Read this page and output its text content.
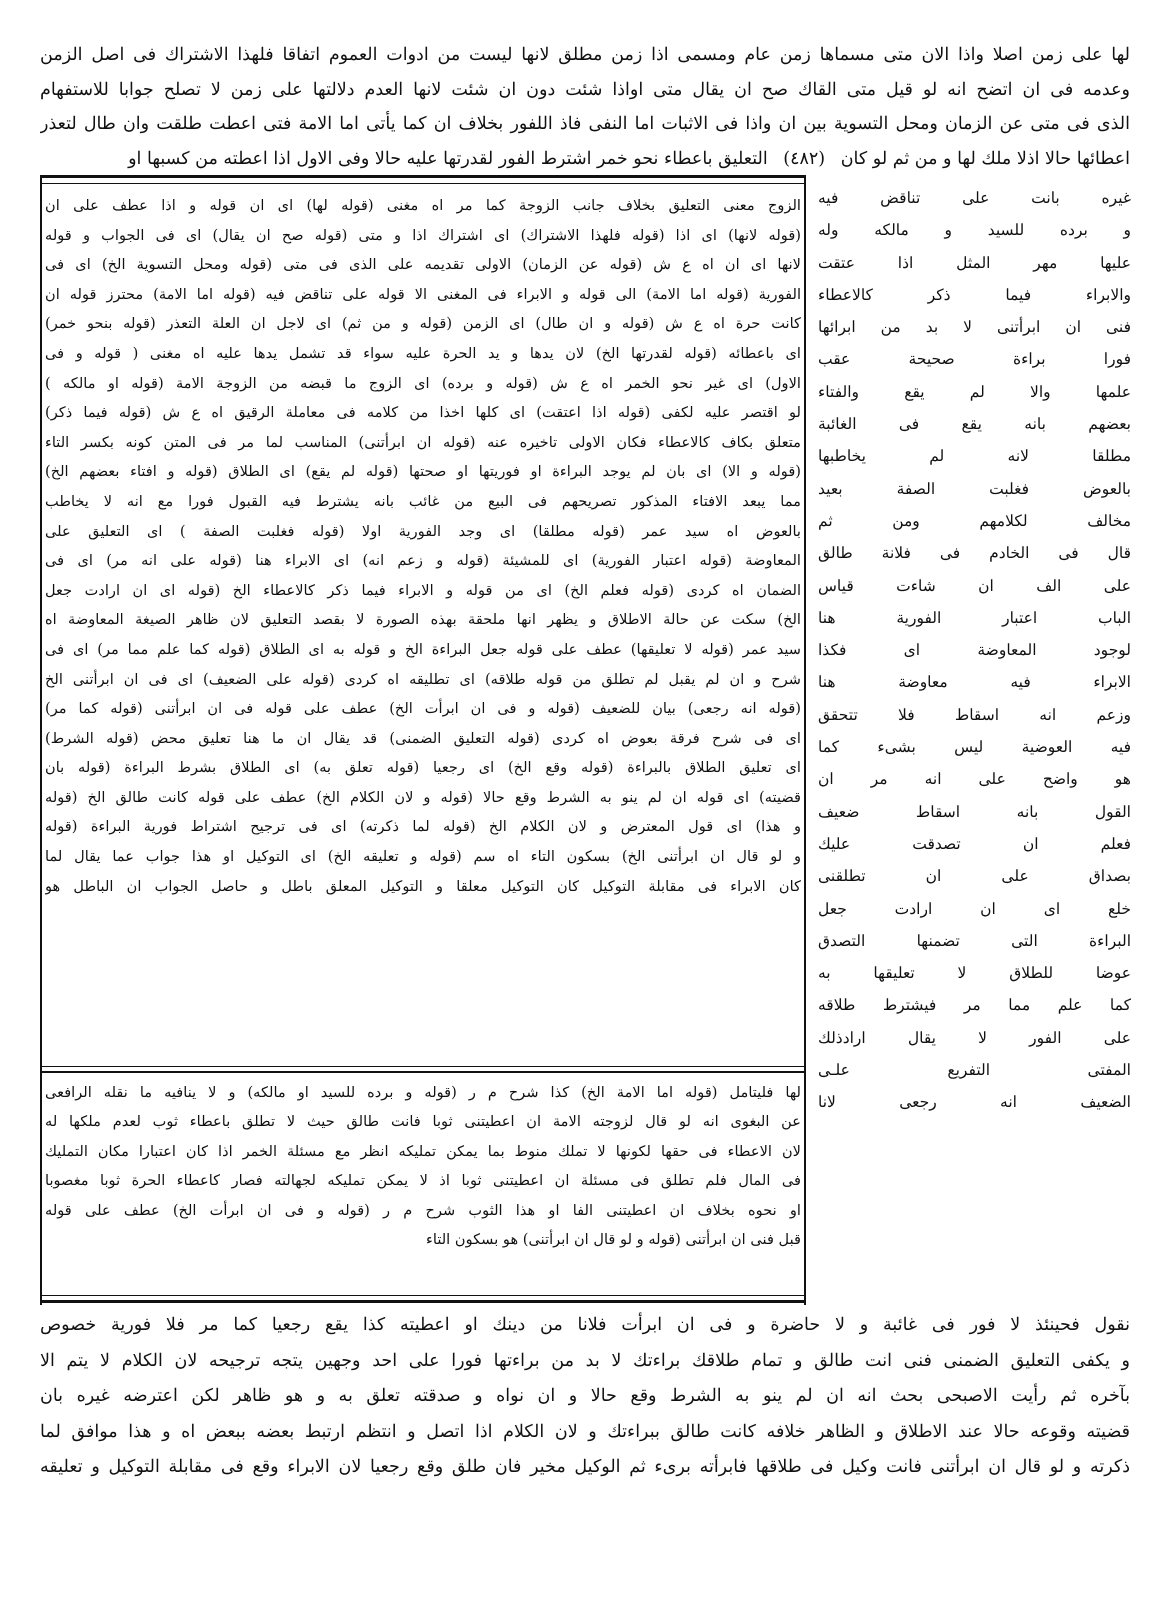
لها على زمن اصلا واذا الان متى مسماها زمن عام ومسمى اذا زمن مطلق لانها ليست من ادوات العموم اتفاقا فلهذا الاشتراك فى اصل الزمن
وعدمه فى ان اتضح انه لو قيل متى القاك صح ان يقال متى اواذا شئت دون ان شئت لانها العدم دلالتها على زمن لا تصلح جوابا للاستفهام
الذى فى متى عن الزمان ومحل التسوية بين ان واذا فى الاثبات اما النفى فاذ اللفور بخلاف ان كما يأتى اما الامة فتى اعطت طلقت وان طال لتعذر
اعطائها حالا اذلا ملك لها و من ثم لو كان (٤٨٢) التعليق باعطاء نحو خمر اشترط الفور لقدرتها عليه حالا وفى الاول اذا اعطته من كسبها او
غيره بانت على تناقض فيه
و برده للسيد و مالكه وله
عليها مهر المثل اذا عتقت
والابراء فيما ذكر كالاعطاء
فنى ان ابرأتنى لا بد من ابرائها
فورا براءة صحيحة عقب
علمها والا لم يقع والفتاء
بعضهم بانه يقع فى الغائبة
مطلقا لانه لم يخاطبها
بالعوض فغلبت الصفة بعيد
مخالف لكلامهم ومن ثم
قال فى الخادم فى فلانة طالق
على الف ان شاءت قياس
الباب اعتبار الفورية هنا
لوجود المعاوضة اى فكذا
الابراء فيه معاوضة هنا
وزعم انه اسقاط فلا تتحقق
فيه العوضية ليس بشىء كما
هو واضح على انه مر ان
القول بانه اسقاط ضعيف
فعلم ان تصدقت عليك
بصداق على ان تطلقنى
خلع اى ان ارادت جعل
البراءة التى تضمنها التصدق
عوضا للطلاق لا تعليقها به
كما علم مما مر فيشترط طلاقه
على الفور لا يقال ارادذلك
المفتى التفريع علـى
الضعيف انه رجعى لانا
الزوج معنى التعليق بخلاف جانب الزوجة كما مر اه مغنى (قوله لها) اى ان قوله و اذا عطف على ان
(قوله لانها) اى اذا (قوله فلهذا الاشتراك) اى اشتراك اذا و متى (قوله صح ان يقال) اى فى الجواب و قوله
لانها اى ان اه ع ش (قوله عن الزمان) الاولى تقديمه على الذى فى متى (قوله ومحل التسوية الخ) اى فى
الفورية (قوله اما الامة) الى قوله و الابراء فى المغنى الا قوله على تناقض فيه (قوله اما الامة) محترز قوله ان
كانت حرة اه ع ش (قوله و ان طال) اى الزمن (قوله و من ثم) اى لاجل ان العلة التعذر (قوله بنحو خمر)
اى باعطائه (قوله لقدرتها الخ) لان يدها و يد الحرة عليه سواء قد تشمل يدها عليه اه مغنى ( قوله و فى
الاول) اى غير نحو الخمر اه ع ش (قوله و برده) اى الزوج ما قبضه من الزوجة الامة (قوله او مالكه )
لو اقتصر عليه لكفى (قوله اذا اعتقت) اى كلها اخذا من كلامه فى معاملة الرقيق اه ع ش (قوله فيما ذكر)
متعلق بكاف كالاعطاء فكان الاولى تاخيره عنه (قوله ان ابرأتنى) المناسب لما مر فى المتن كونه بكسر التاء
(قوله و الا) اى بان لم يوجد البراءة او فوريتها او صحتها (قوله لم يقع) اى الطلاق (قوله و افتاء بعضهم الخ)
مما يبعد الافتاء المذكور تصريحهم فى البيع من غائب بانه يشترط فيه القبول فورا مع انه لا يخاطب
بالعوض اه سيد عمر (قوله مطلقا) اى وجد الفورية اولا (قوله فغلبت الصفة ) اى التعليق على
المعاوضة (قوله اعتبار الفورية) اى للمشيئة (قوله و زعم انه) اى الابراء هنا (قوله على انه مر) اى فى
الضمان اه كردى (قوله فعلم الخ) اى من قوله و الابراء فيما ذكر كالاعطاء الخ (قوله اى ان ارادت جعل
الخ) سكت عن حالة الاطلاق و يظهر انها ملحقة بهذه الصورة لا بقصد التعليق لان ظاهر الصيغة المعاوضة اه
سيد عمر (قوله لا تعليقها) عطف على قوله جعل البراءة الخ و قوله به اى الطلاق (قوله كما علم مما مر) اى فى
شرح و ان لم يقبل لم تطلق من قوله طلاقه) اى تطليقه اه كردى (قوله على الضعيف) اى فى ان ابرأتنى الخ
(قوله انه رجعى) بيان للضعيف (قوله و فى ان ابرأت الخ) عطف على قوله فى ان ابرأتنى (قوله كما مر)
اى فى شرح فرقة بعوض اه كردى (قوله التعليق الضمنى) قد يقال ان ما هنا تعليق محض (قوله الشرط)
اى تعليق الطلاق بالبراءة (قوله وقع الخ) اى رجعيا (قوله تعلق به) اى الطلاق بشرط البراءة (قوله بان
قضيته) اى قوله ان لم ينو به الشرط وقع حالا (قوله و لان الكلام الخ) عطف على قوله كانت طالق الخ (قوله
و هذا) اى قول المعترض و لان الكلام الخ (قوله لما ذكرته) اى فى ترجيح اشتراط فورية البراءة (قوله
و لو قال ان ابرأتنى الخ) بسكون التاء اه سم (قوله و تعليقه الخ) اى التوكيل او هذا جواب عما يقال لما
كان الابراء فى مقابلة التوكيل كان التوكيل معلقا و التوكيل المعلق باطل و حاصل الجواب ان الباطل هو
لها فليتامل (قوله اما الامة الخ) كذا شرح م ر (قوله و برده للسيد او مالكه) و لا ينافيه ما نقله الرافعى
عن البغوى انه لو قال لزوجته الامة ان اعطيتنى ثوبا فانت طالق حيث لا تطلق باعطاء ثوب لعدم ملكها له
لان الاعطاء فى حقها لكونها لا تملك منوط بما يمكن تمليكه انظر مع مسئلة الخمر اذا كان اعتبارا مكان التمليك
فى المال فلم تطلق فى مسئلة ان اعطيتنى ثوبا اذ لا يمكن تمليكه لجهالته فصار كاعطاء الحرة ثوبا مغصوبا
او نحوه بخلاف ان اعطيتنى الفا او هذا الثوب شرح م ر (قوله و فى ان ابرأت الخ) عطف على قوله
قبل فنى ان ابرأتنى (قوله و لو قال ان ابرأتنى) هو بسكون التاء
نقول فحينئذ لا فور فى غائبة و لا حاضرة و فى ان ابرأت فلانا من دينك او اعطيته كذا يقع رجعيا كما مر فلا فورية خصوص
و يكفى التعليق الضمنى فنى انت طالق و تمام طلاقك براءتك لا بد من براءتها فورا على احد وجهين يتجه ترجيحه لان الكلام لا يتم الا
بآخره ثم رأيت الاصبحى بحث انه ان لم ينو به الشرط وقع حالا و ان نواه و صدقته تعلق به و هو ظاهر لكن اعترضه غيره بان
قضيته وقوعه حالا عند الاطلاق و الظاهر خلافه كانت طالق ببراءتك و لان الكلام اذا اتصل و انتظم ارتبط بعضه ببعض اه و هذا موافق لما
ذكرته و لو قال ان ابرأتنى فانت وكيل فى طلاقها فابرأته برىء ثم الوكيل مخير فان طلق وقع رجعيا لان الابراء وقع فى مقابلة التوكيل و تعليقه
